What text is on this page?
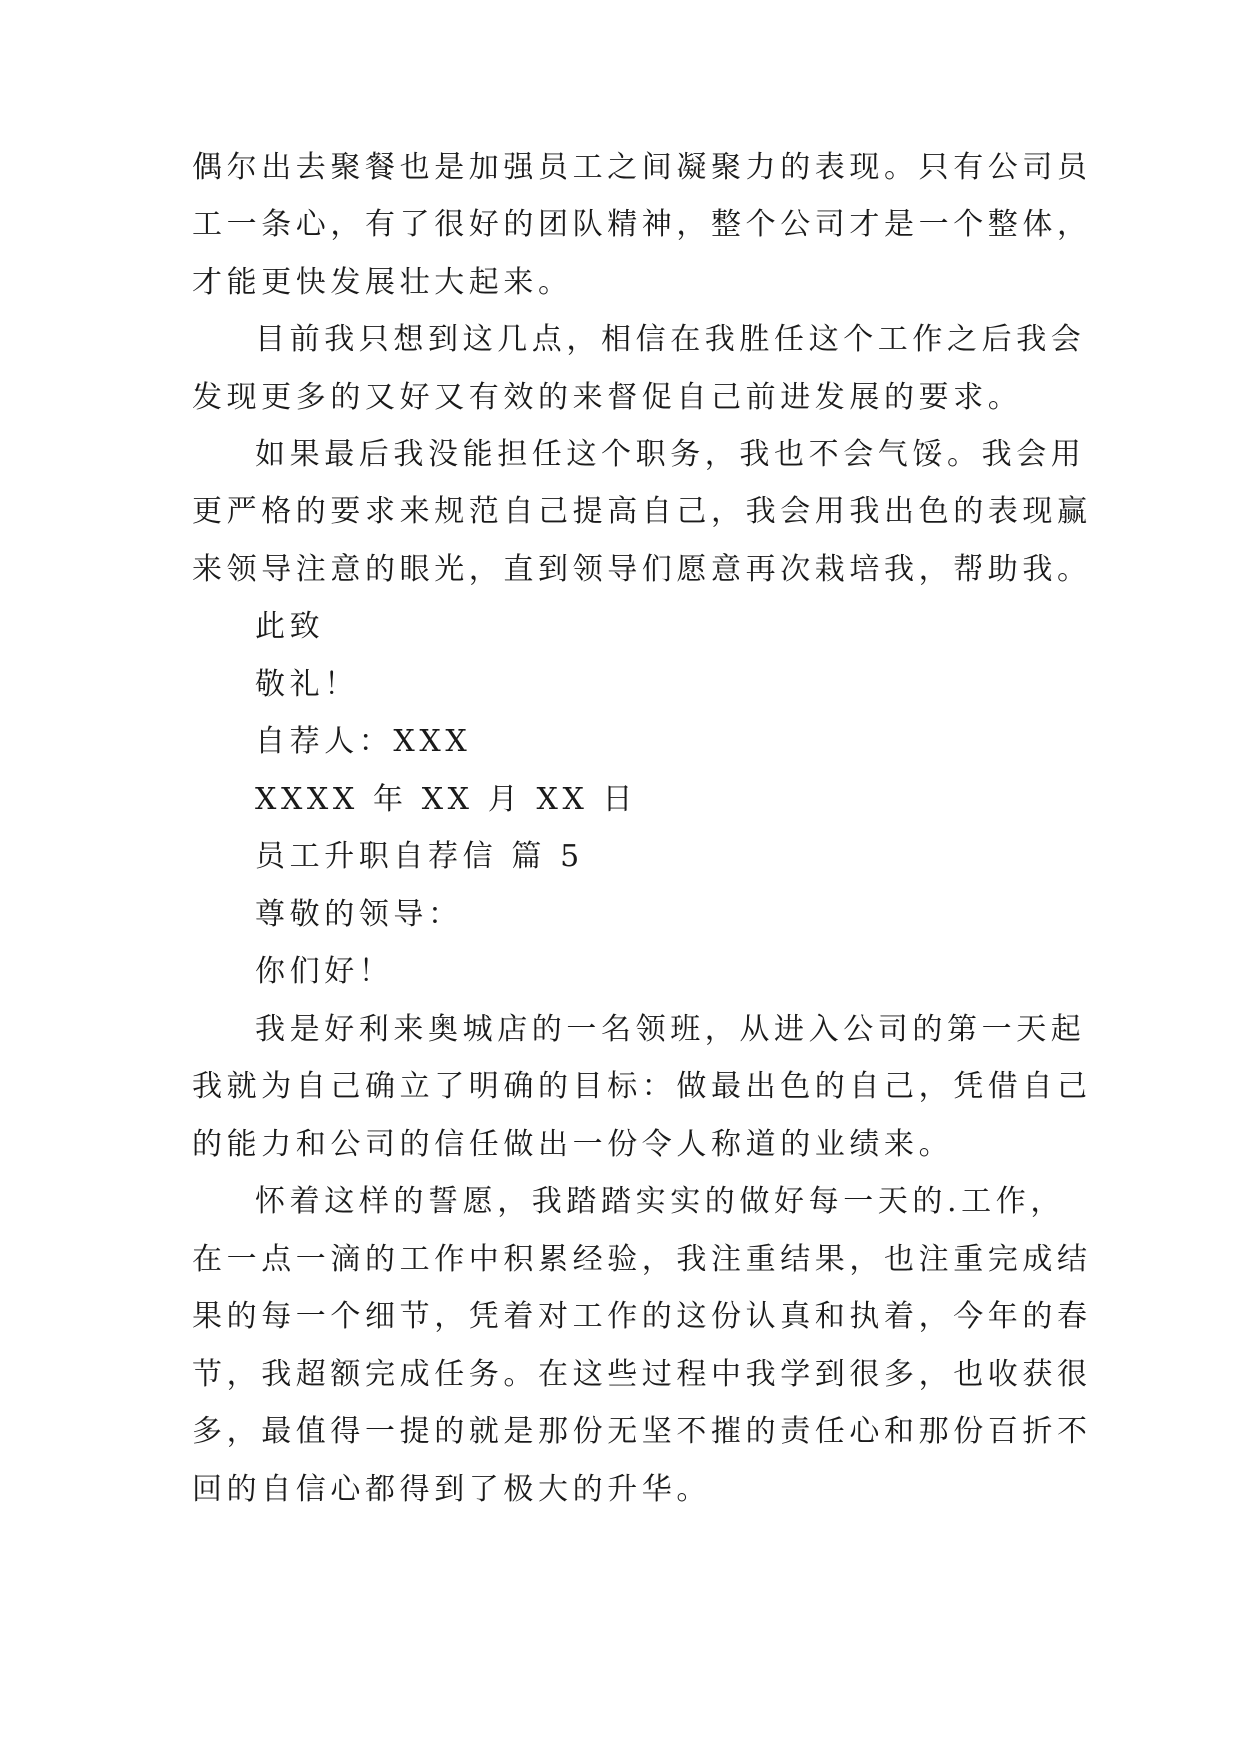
偶尔出去聚餐也是加强员工之间凝聚力的表现。只有公司员
工一条心，有了很好的团队精神，整个公司才是一个整体，
才能更快发展壮大起来。
目前我只想到这几点，相信在我胜任这个工作之后我会
发现更多的又好又有效的来督促自己前进发展的要求。
如果最后我没能担任这个职务，我也不会气馁。我会用
更严格的要求来规范自己提高自己，我会用我出色的表现赢
来领导注意的眼光，直到领导们愿意再次栽培我，帮助我。
此致
敬礼！
自荐人：XXX
XXXX 年 XX 月 XX 日
员工升职自荐信 篇 5
尊敬的领导：
你们好！
我是好利来奥城店的一名领班，从进入公司的第一天起
我就为自己确立了明确的目标：做最出色的自己，凭借自己
的能力和公司的信任做出一份令人称道的业绩来。
怀着这样的誓愿，我踏踏实实的做好每一天的.工作，
在一点一滴的工作中积累经验，我注重结果，也注重完成结
果的每一个细节，凭着对工作的这份认真和执着，今年的春
节，我超额完成任务。在这些过程中我学到很多，也收获很
多，最值得一提的就是那份无坚不摧的责任心和那份百折不
回的自信心都得到了极大的升华。
